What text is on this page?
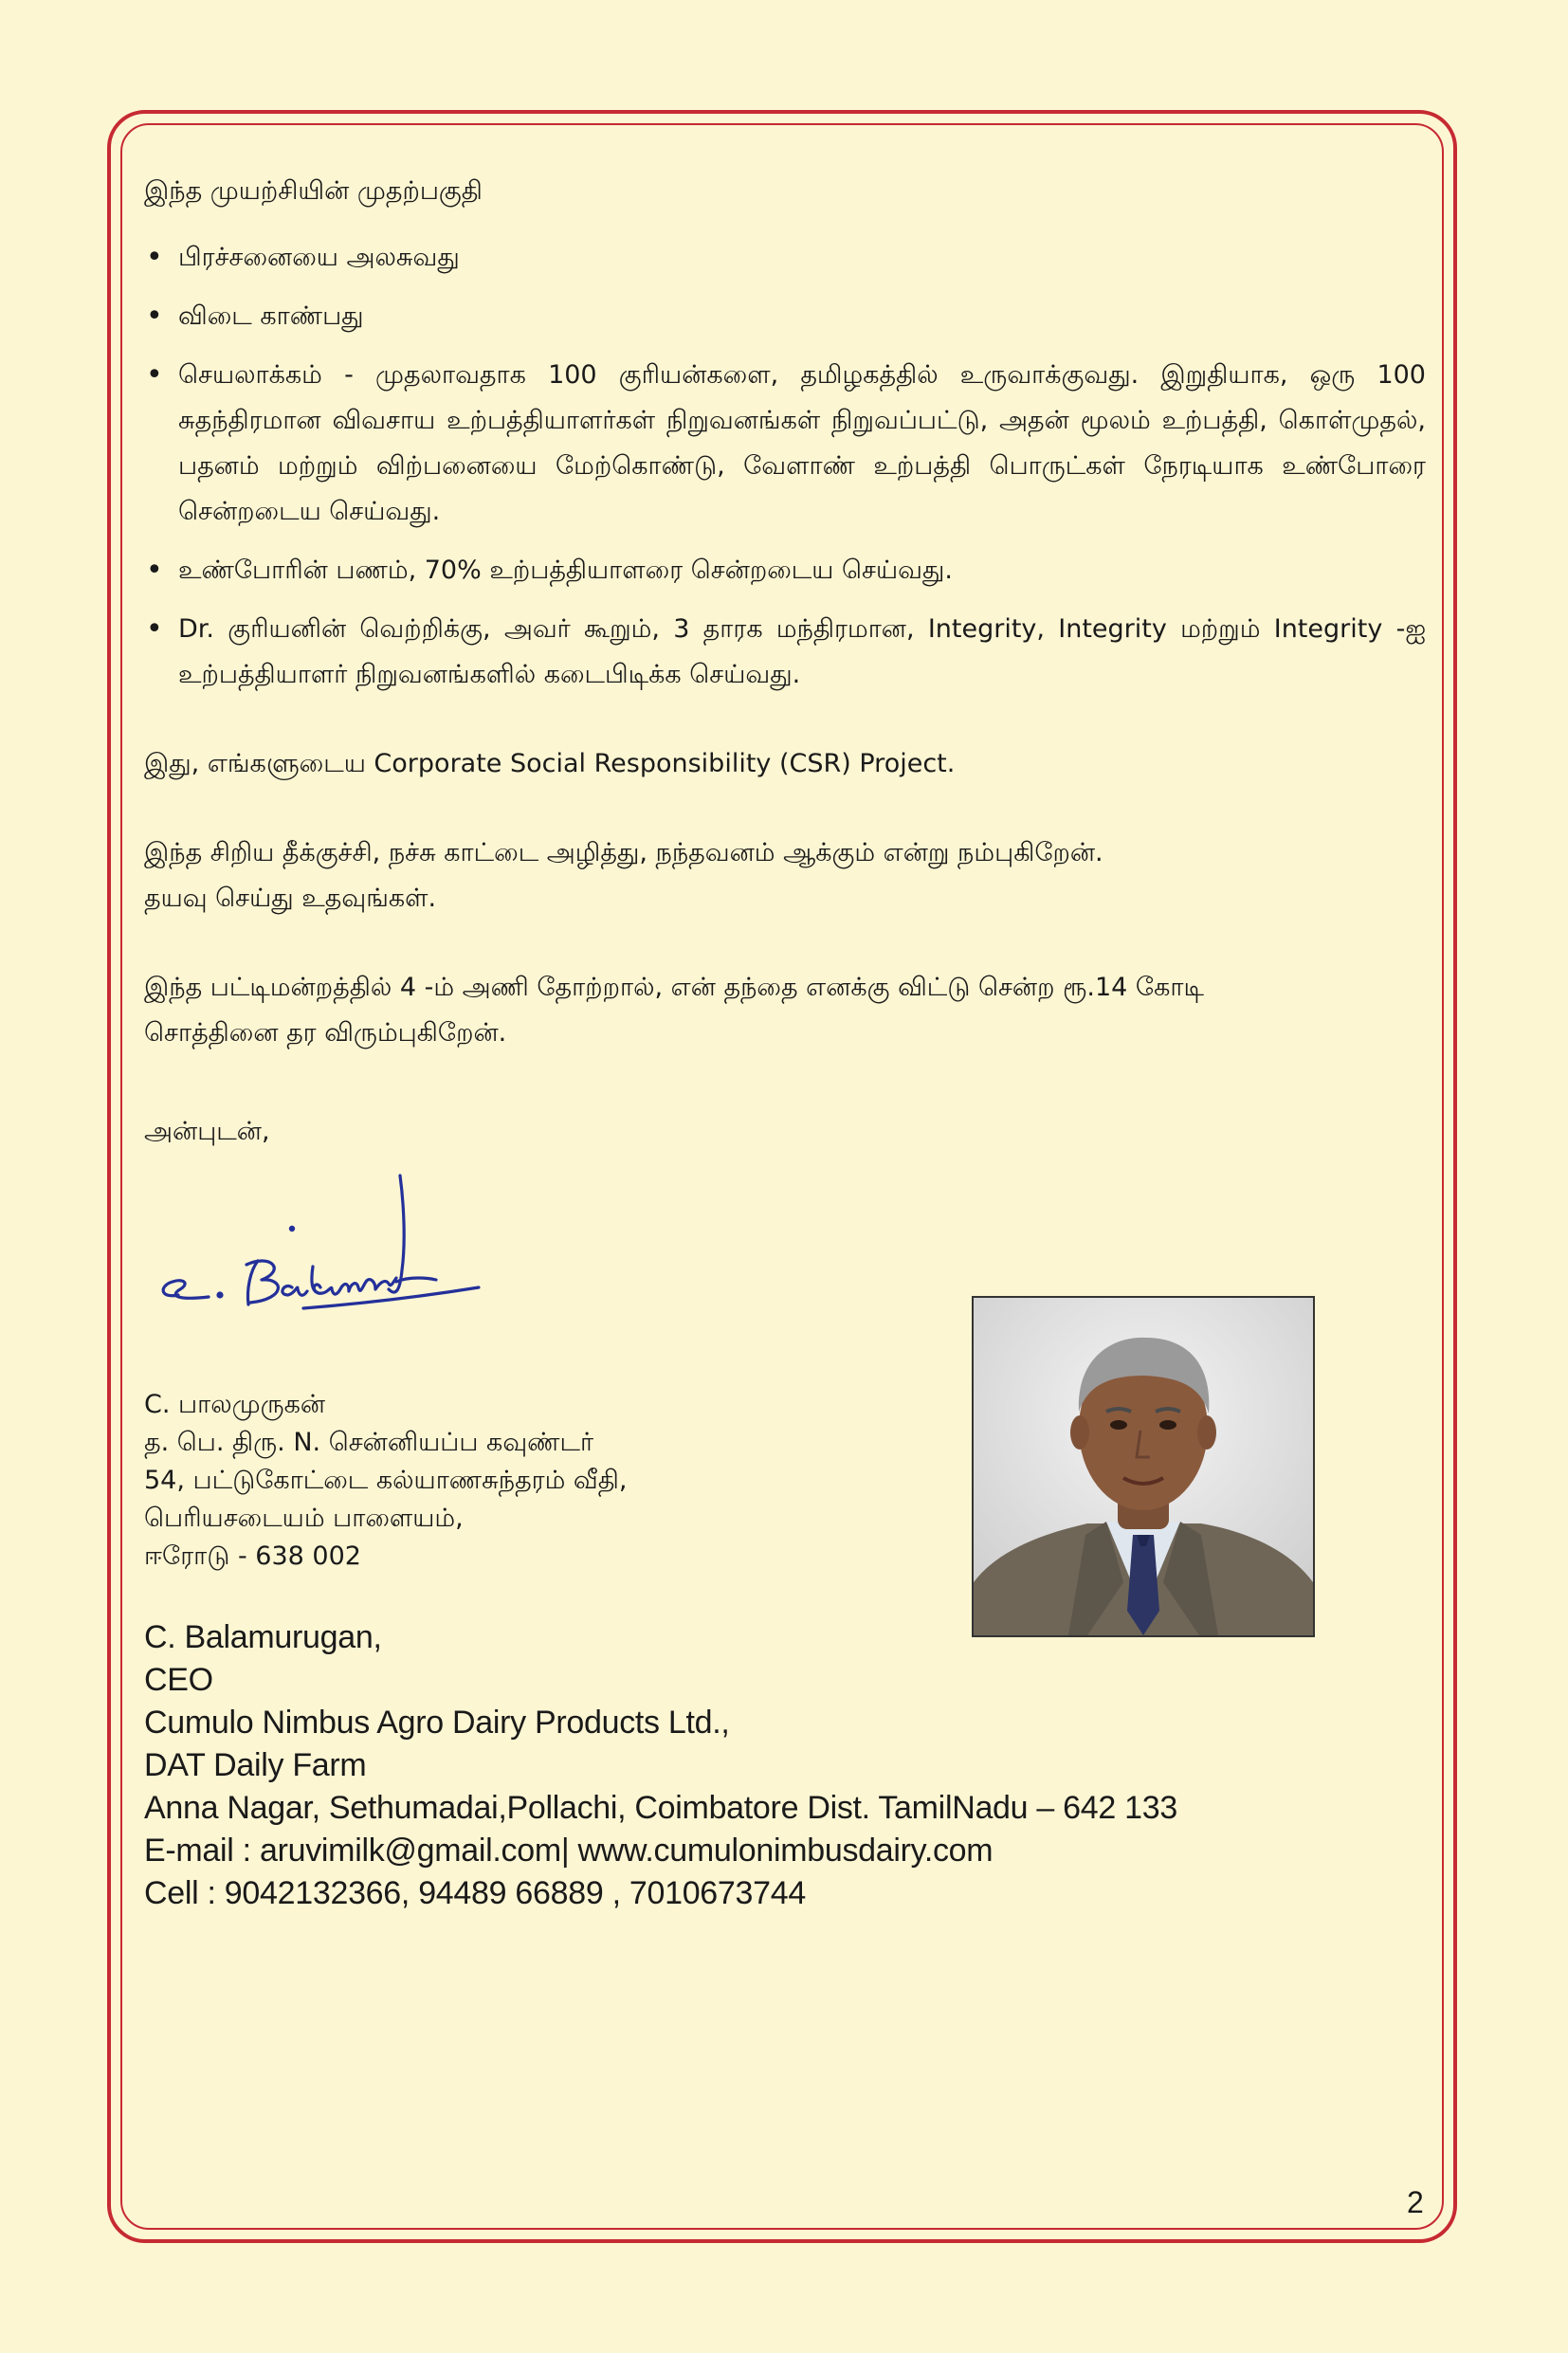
இந்த முயற்சியின் முதற்பகுதி
• பிரச்சனையை அலசுவது
• விடை காண்பது
• செயலாக்கம் - முதலாவதாக 100 குரியன்களை, தமிழகத்தில் உருவாக்குவது. இறுதியாக, ஒரு 100 சுதந்திரமான விவசாய உற்பத்தியாளர்கள் நிறுவனங்கள் நிறுவப்பட்டு, அதன் மூலம் உற்பத்தி, கொள்முதல், பதனம் மற்றும் விற்பனையை மேற்கொண்டு, வேளாண் உற்பத்தி பொருட்கள் நேரடியாக உண்போரை சென்றடைய செய்வது.
• உண்போரின் பணம், 70% உற்பத்தியாளரை சென்றடைய செய்வது.
• Dr. குரியனின் வெற்றிக்கு, அவர் கூறும், 3 தாரக மந்திரமான, Integrity, Integrity மற்றும் Integrity -ஐ உற்பத்தியாளர் நிறுவனங்களில் கடைபிடிக்க செய்வது.

இது, எங்களுடைய Corporate Social Responsibility (CSR) Project.

இந்த சிறிய தீக்குச்சி, நச்சு காட்டை அழித்து, நந்தவனம் ஆக்கும் என்று நம்புகிறேன்.

தயவு செய்து உதவுங்கள்.

இந்த பட்டிமன்றத்தில் 4 -ம் அணி தோற்றால், என் தந்தை எனக்கு விட்டு சென்ற ரூ.14 கோடி

சொத்தினை தர விரும்புகிறேன்.

அன்புடன்,
C. பாலமுருகன்
த. பெ. திரு. N. சென்னியப்ப கவுண்டர்
54, பட்டுகோட்டை கல்யாணசுந்தரம் வீதி,
பெரியசடையம் பாளையம்,
ஈரோடு - 638 002
C. Balamurugan,
CEO
Cumulo Nimbus Agro Dairy Products Ltd.,
DAT Daily Farm
Anna Nagar, Sethumadai,Pollachi, Coimbatore Dist. TamilNadu – 642 133
E-mail : aruvimilk@gmail.com| www.cumulonimbusdairy.com
Cell : 9042132366, 94489 66889 , 7010673744
2
